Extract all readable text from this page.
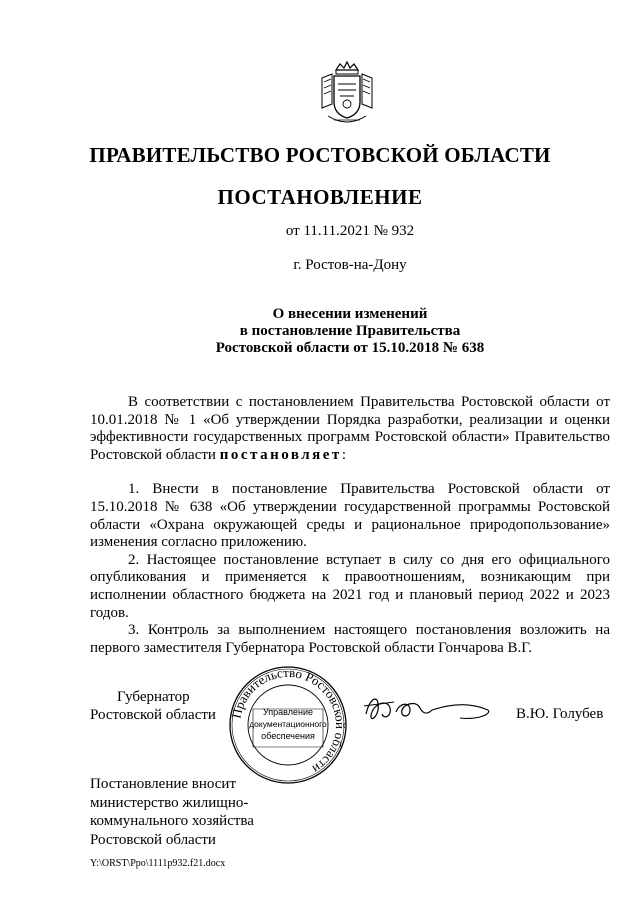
ПРАВИТЕЛЬСТВО РОСТОВСКОЙ ОБЛАСТИ
ПОСТАНОВЛЕНИЕ
от 11.11.2021 № 932
г. Ростов-на-Дону
О внесении изменений
в постановление Правительства
Ростовской области от 15.10.2018 № 638

В соответствии с постановлением Правительства Ростовской области от 10.01.2018 № 1 «Об утверждении Порядка разработки, реализации и оценки эффективности государственных программ Ростовской области» Правительство Ростовской области постановляет:

1. Внести в постановление Правительства Ростовской области от 15.10.2018 № 638 «Об утверждении государственной программы Ростовской области «Охрана окружающей среды и рациональное природопользование» изменения согласно приложению.

2. Настоящее постановление вступает в силу со дня его официального опубликования и применяется к правоотношениям, возникающим при исполнении областного бюджета на 2021 год и плановый период 2022 и 2023 годов.

3. Контроль за выполнением настоящего постановления возложить на первого заместителя Губернатора Ростовской области Гончарова В.Г.

Губернатор
Ростовской области Правительство Ростовской области
Управление
документационного
обеспечения
В.Ю. Голубев
Постановление вносит
министерство жилищно-
коммунального хозяйства
Ростовской области
Y:\ORST\Ppo\1111p932.f21.docx
